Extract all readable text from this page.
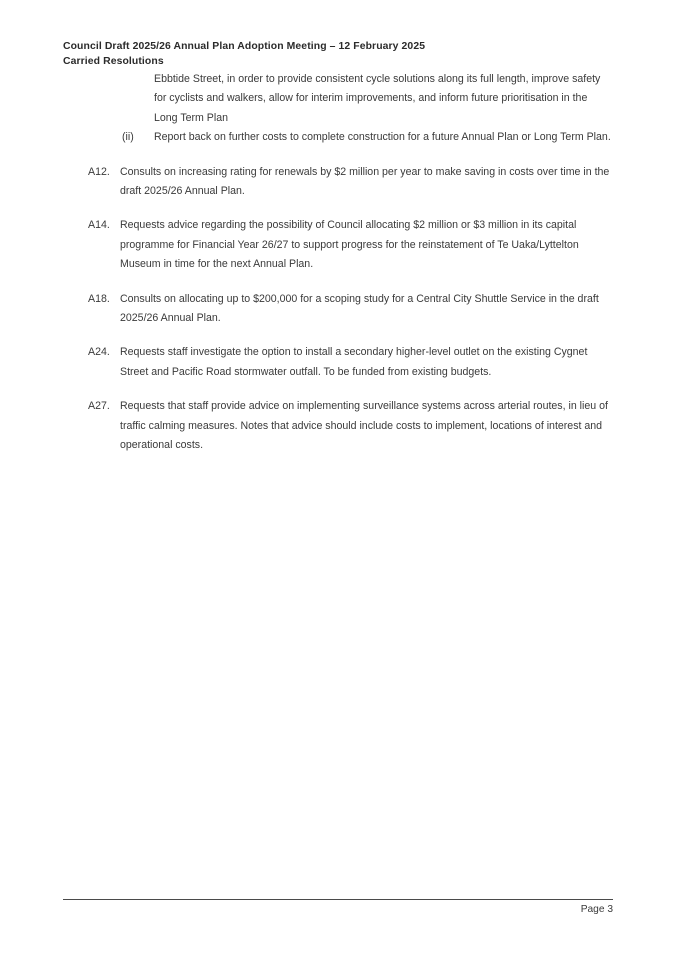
Council Draft 2025/26 Annual Plan Adoption Meeting – 12 February 2025
Carried Resolutions

Ebbtide Street, in order to provide consistent cycle solutions along its full length, improve safety for cyclists and walkers, allow for interim improvements, and inform future prioritisation in the Long Term Plan

(ii) Report back on further costs to complete construction for a future Annual Plan or Long Term Plan.

A12. Consults on increasing rating for renewals by $2 million per year to make saving in costs over time in the draft 2025/26 Annual Plan.

A14. Requests advice regarding the possibility of Council allocating $2 million or $3 million in its capital programme for Financial Year 26/27 to support progress for the reinstatement of Te Uaka/Lyttelton Museum in time for the next Annual Plan.

A18. Consults on allocating up to $200,000 for a scoping study for a Central City Shuttle Service in the draft 2025/26 Annual Plan.

A24. Requests staff investigate the option to install a secondary higher-level outlet on the existing Cygnet Street and Pacific Road stormwater outfall. To be funded from existing budgets.

A27. Requests that staff provide advice on implementing surveillance systems across arterial routes, in lieu of traffic calming measures. Notes that advice should include costs to implement, locations of interest and operational costs.

Page 3
